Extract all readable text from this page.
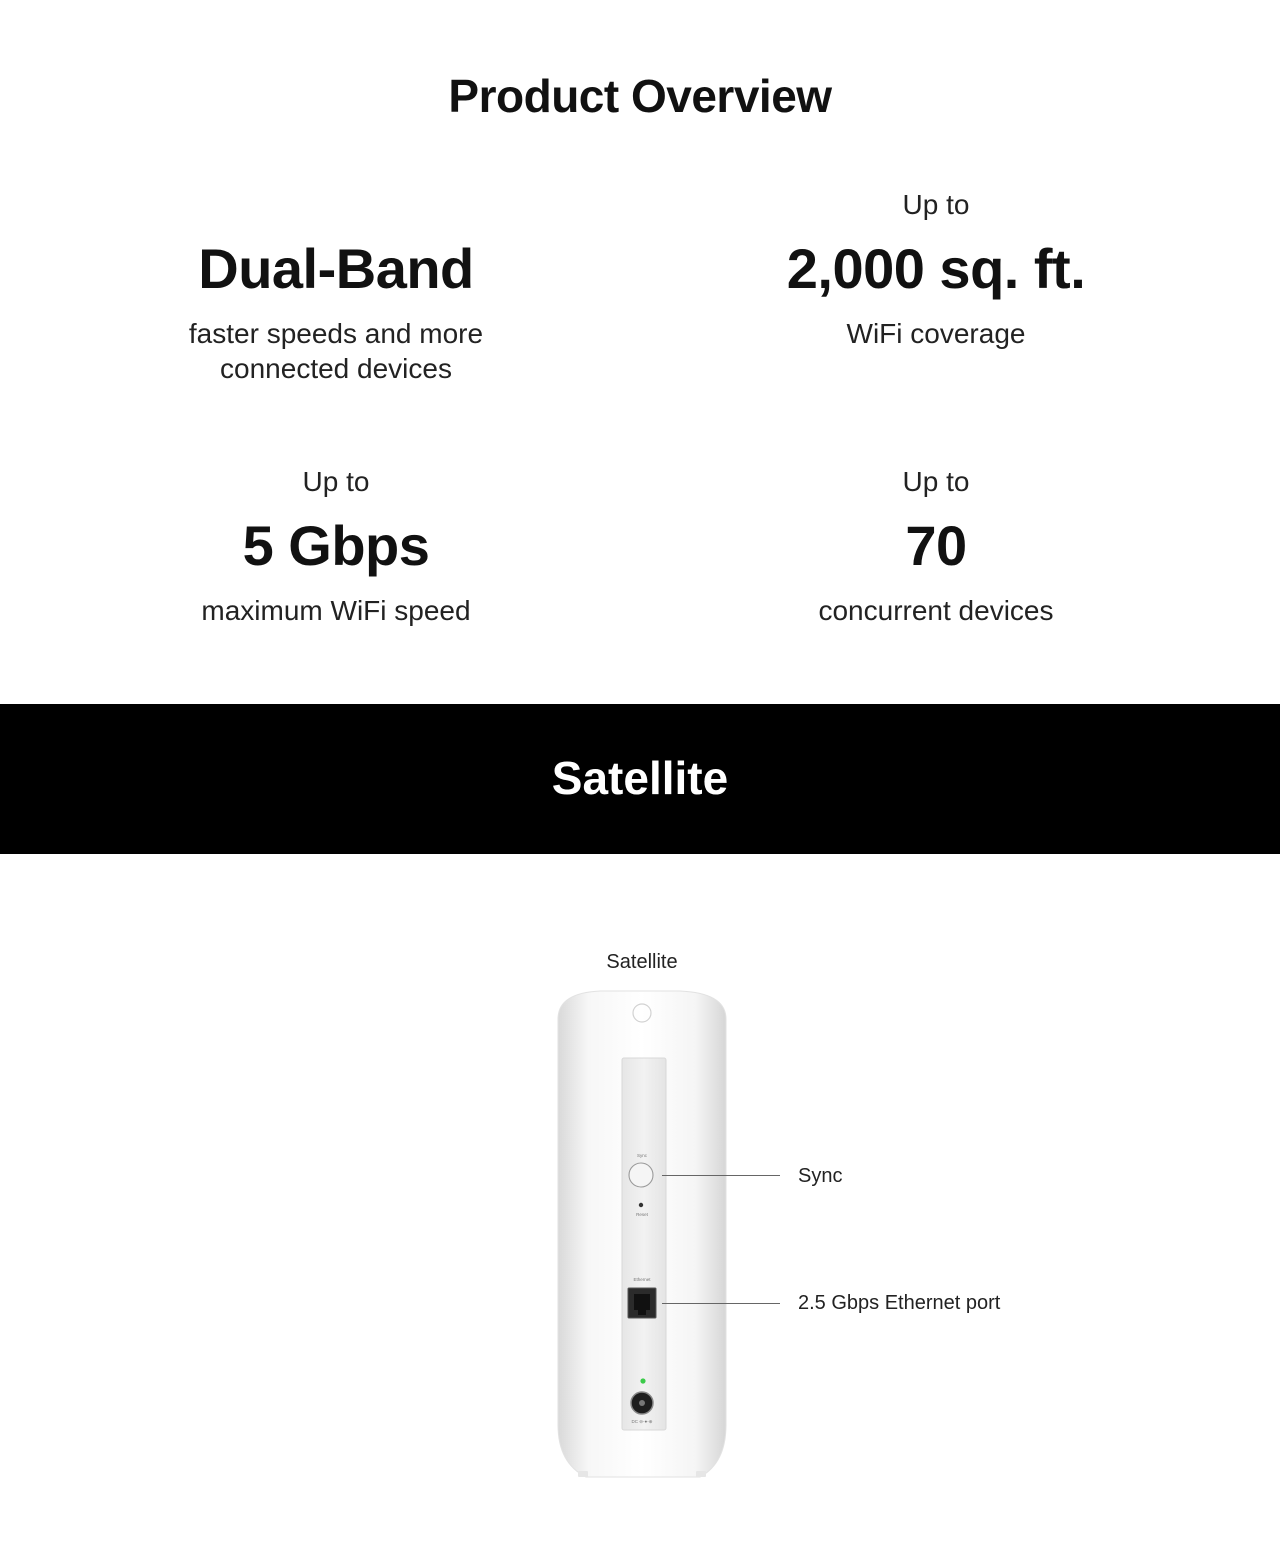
Product Overview
Dual-Band
faster speeds and more
connected devices
Up to
2,000 sq. ft.
WiFi coverage
Up to
5 Gbps
maximum WiFi speed
Up to
70
concurrent devices
Satellite
Satellite
Sync
Reset
Ethernet
DC ⊖-●-⊕
Sync
2.5 Gbps Ethernet port
